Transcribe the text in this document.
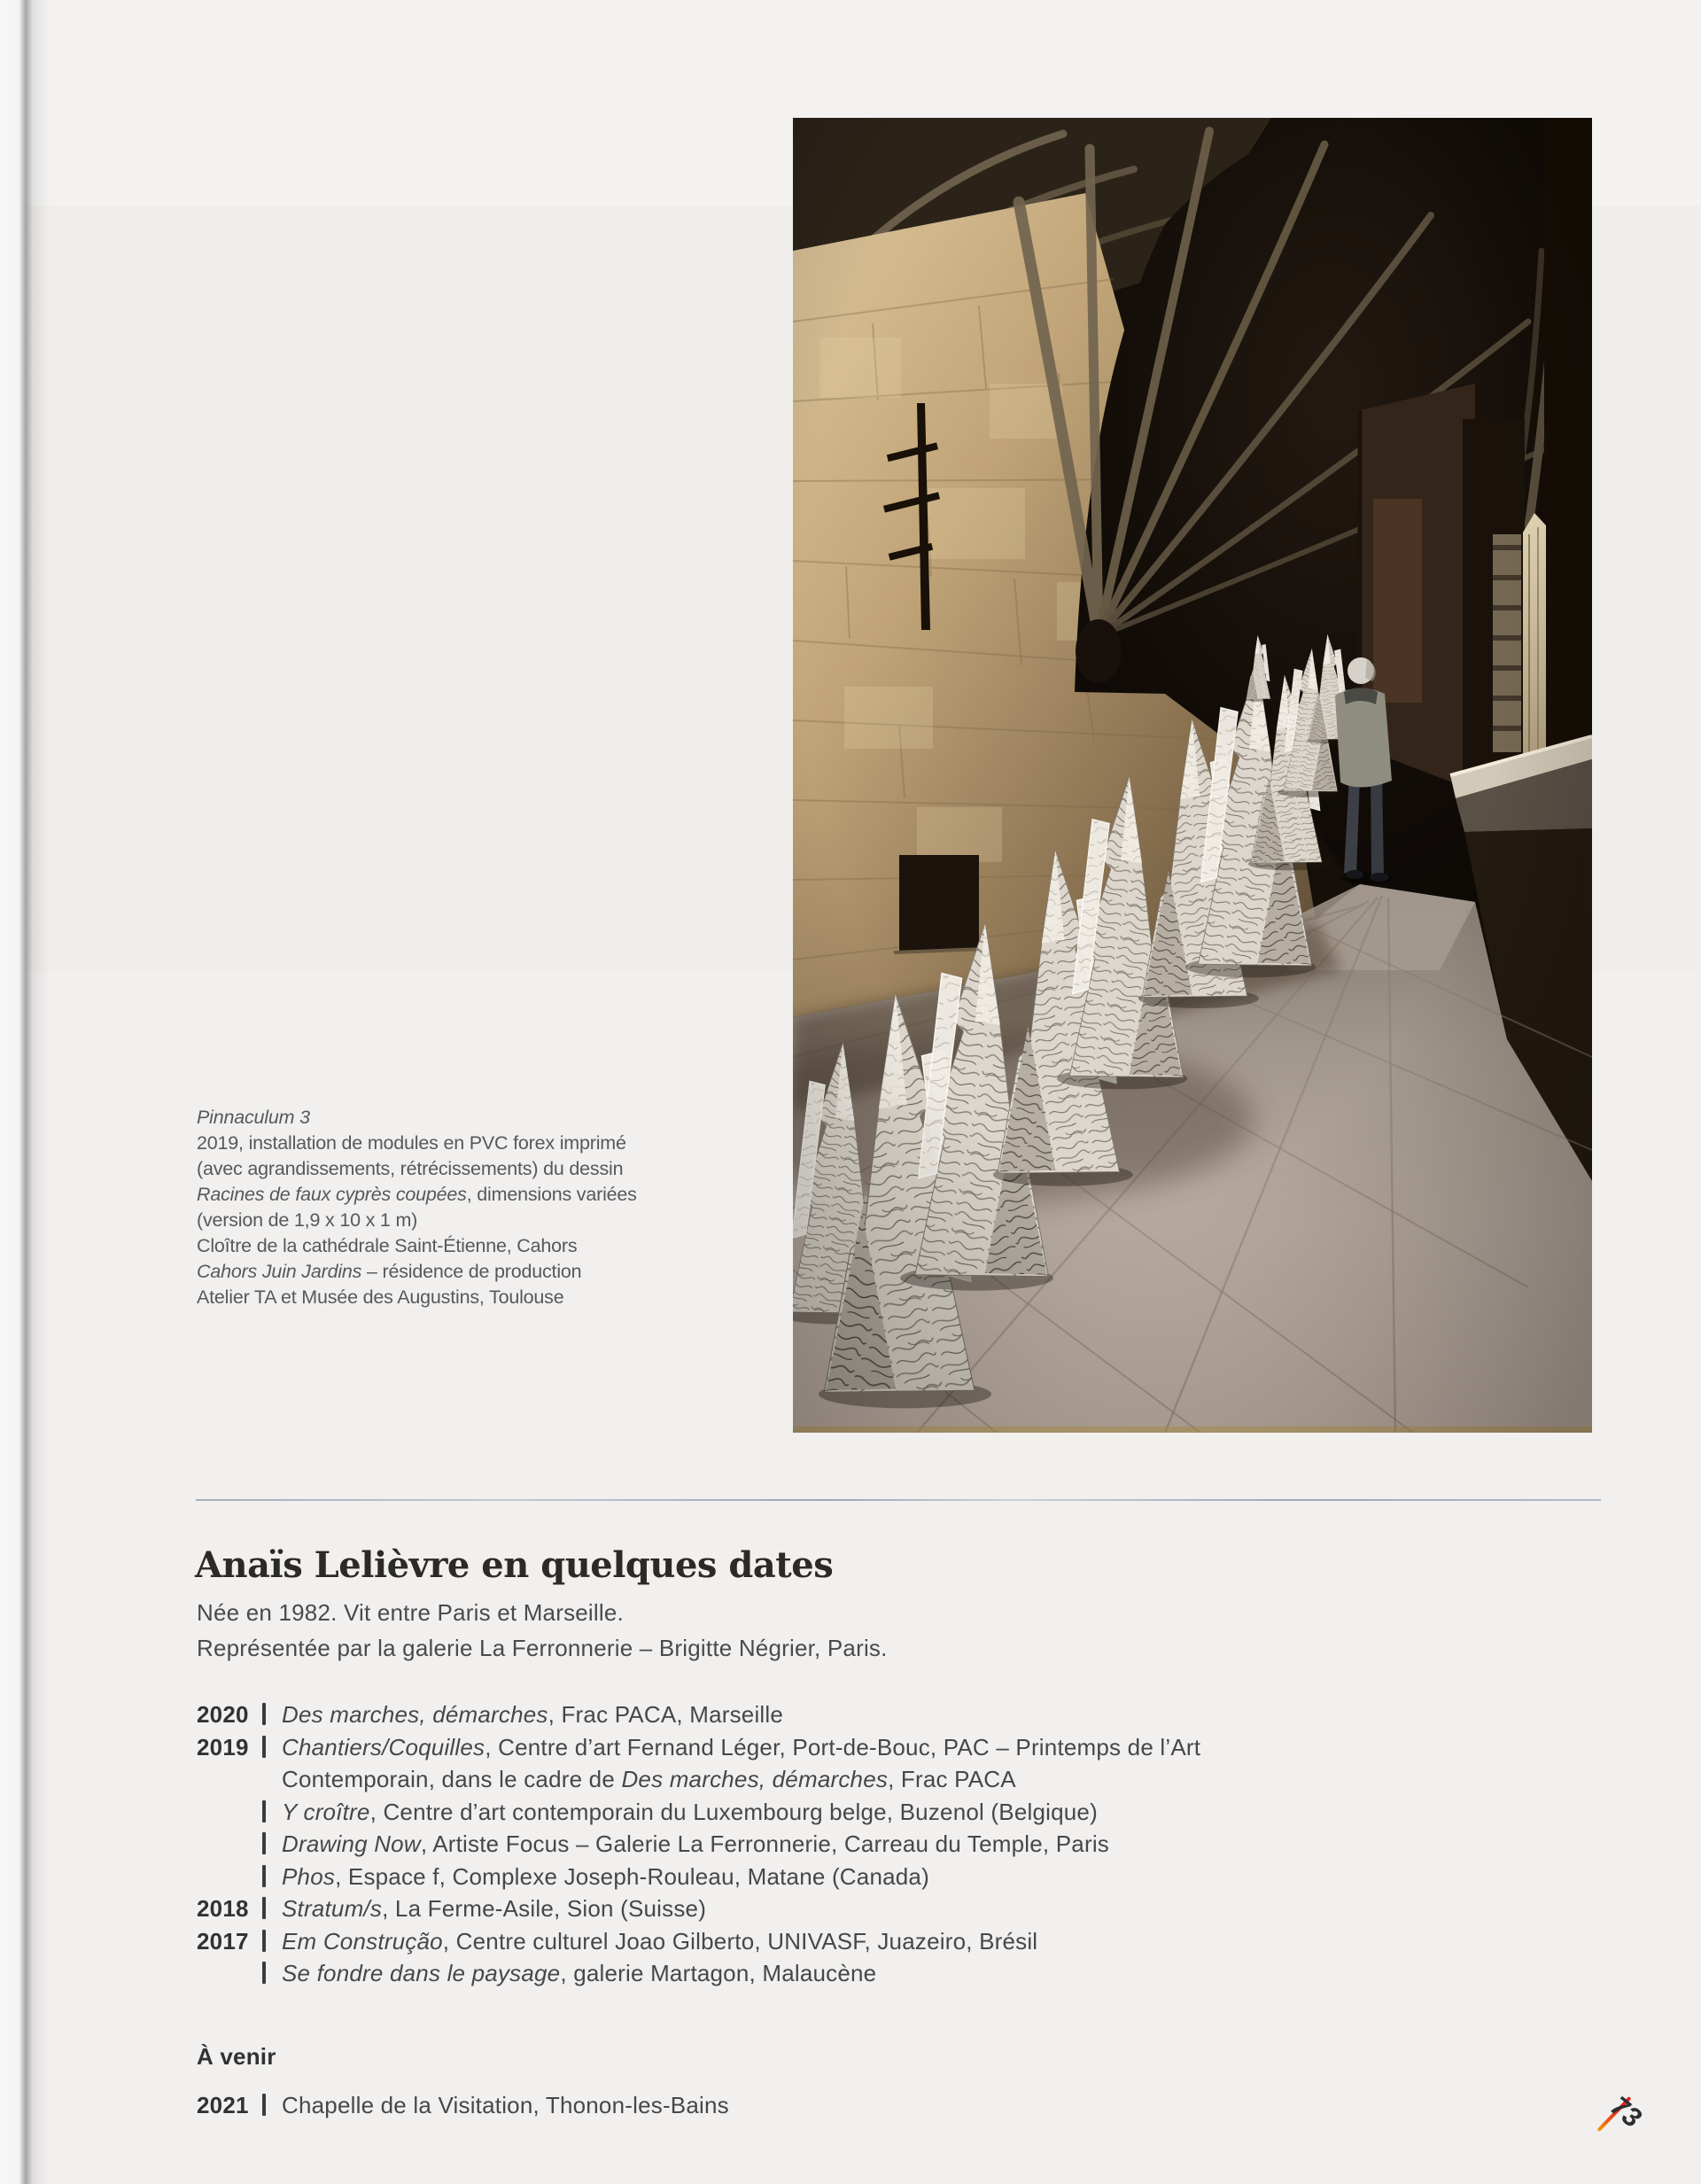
Pinnaculum 3
2019, installation de modules en PVC forex imprimé
(avec agrandissements, rétrécissements) du dessin
Racines de faux cyprès coupées, dimensions variées
(version de 1,9 x 10 x 1 m)
Cloître de la cathédrale Saint-Étienne, Cahors
Cahors Juin Jardins – résidence de production
Atelier TA et Musée des Augustins, Toulouse
Anaïs Lelièvre en quelques dates
Née en 1982. Vit entre Paris et Marseille.
Représentée par la galerie La Ferronnerie – Brigitte Négrier, Paris.
2020	Des marches, démarches, Frac PACA, Marseille
2019	Chantiers/Coquilles, Centre d’art Fernand Léger, Port-de-Bouc, PAC – Printemps de l’Art
Contemporain, dans le cadre de Des marches, démarches, Frac PACA
Y croître, Centre d’art contemporain du Luxembourg belge, Buzenol (Belgique)
Drawing Now, Artiste Focus – Galerie La Ferronnerie, Carreau du Temple, Paris
Phos, Espace f, Complexe Joseph-Rouleau, Matane (Canada)
2018	Stratum/s, La Ferme-Asile, Sion (Suisse)
2017	Em Construção, Centre culturel Joao Gilberto, UNIVASF, Juazeiro, Brésil
Se fondre dans le paysage, galerie Martagon, Malaucène
À venir
2021	Chapelle de la Visitation, Thonon-les-Bains	73
